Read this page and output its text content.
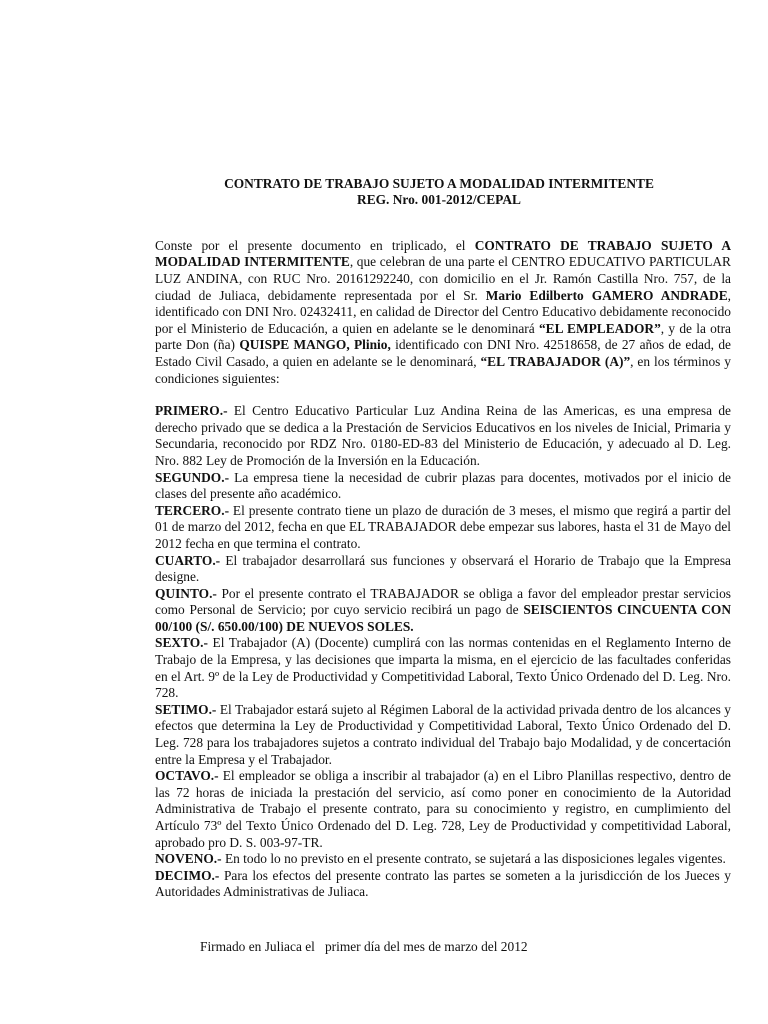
CONTRATO DE TRABAJO SUJETO A MODALIDAD INTERMITENTE
REG. Nro. 001-2012/CEPAL

Conste por el presente documento en triplicado, el CONTRATO DE TRABAJO SUJETO A MODALIDAD INTERMITENTE, que celebran de una parte el CENTRO EDUCATIVO PARTICULAR LUZ ANDINA, con RUC Nro. 20161292240, con domicilio en el Jr. Ramón Castilla Nro. 757, de la ciudad de Juliaca, debidamente representada por el Sr. Mario Edilberto GAMERO ANDRADE, identificado con DNI Nro. 02432411, en calidad de Director del Centro Educativo debidamente reconocido por el Ministerio de Educación, a quien en adelante se le denominará “EL EMPLEADOR”, y de la otra parte Don (ña) QUISPE MANGO, Plinio, identificado con DNI Nro. 42518658, de 27 años de edad, de Estado Civil Casado, a quien en adelante se le denominará, “EL TRABAJADOR (A)”, en los términos y condiciones siguientes:

PRIMERO.- El Centro Educativo Particular Luz Andina Reina de las Americas, es una empresa de derecho privado que se dedica a la Prestación de Servicios Educativos en los niveles de Inicial, Primaria y Secundaria, reconocido por RDZ Nro. 0180-ED-83 del Ministerio de Educación, y adecuado al D. Leg. Nro. 882 Ley de Promoción de la Inversión en la Educación.
SEGUNDO.- La empresa tiene la necesidad de cubrir plazas para docentes, motivados por el inicio de clases del presente año académico.
TERCERO.- El presente contrato tiene un plazo de duración de 3 meses, el mismo que regirá a partir del 01 de marzo del 2012, fecha en que EL TRABAJADOR debe empezar sus labores, hasta el 31 de Mayo del 2012 fecha en que termina el contrato.
CUARTO.- El trabajador desarrollará sus funciones y observará el Horario de Trabajo que la Empresa designe.
QUINTO.- Por el presente contrato el TRABAJADOR se obliga a favor del empleador prestar servicios como Personal de Servicio; por cuyo servicio recibirá un pago de SEISCIENTOS CINCUENTA CON 00/100 (S/. 650.00/100) DE NUEVOS SOLES.
SEXTO.- El Trabajador (A) (Docente) cumplirá con las normas contenidas en el Reglamento Interno de Trabajo de la Empresa, y las decisiones que imparta la misma, en el ejercicio de las facultades conferidas en el Art. 9º de la Ley de Productividad y Competitividad Laboral, Texto Único Ordenado del D. Leg. Nro. 728.
SETIMO.- El Trabajador estará sujeto al Régimen Laboral de la actividad privada dentro de los alcances y efectos que determina la Ley de Productividad y Competitividad Laboral, Texto Único Ordenado del D. Leg. 728 para los trabajadores sujetos a contrato individual del Trabajo bajo Modalidad, y de concertación entre la Empresa y el Trabajador.
OCTAVO.- El empleador se obliga a inscribir al trabajador (a) en el Libro Planillas respectivo, dentro de las 72 horas de iniciada la prestación del servicio, así como poner en conocimiento de la Autoridad Administrativa de Trabajo el presente contrato, para su conocimiento y registro, en cumplimiento del Artículo 73º del Texto Único Ordenado del D. Leg. 728, Ley de Productividad y competitividad Laboral, aprobado pro D. S. 003-97-TR.
NOVENO.- En todo lo no previsto en el presente contrato, se sujetará a las disposiciones legales vigentes.
DECIMO.- Para los efectos del presente contrato las partes se someten a la jurisdicción de los Jueces y Autoridades Administrativas de Juliaca.
Firmado en Juliaca el   primer día del mes de marzo del 2012
